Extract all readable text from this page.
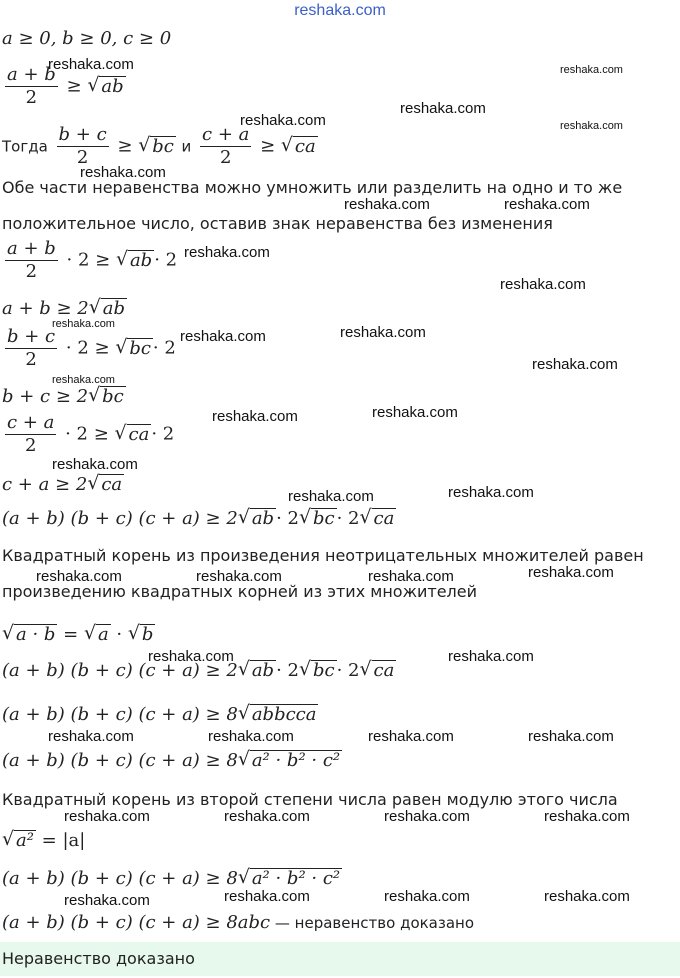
reshaka.com
a ≥ 0, b ≥ 0, c ≥ 0
$\frac{a + b}{2}$ ≥ √ ab
Тогда $\frac{b + c}{2}$ ≥ √ bc и $\frac{c + a}{2}$ ≥ √ ca
Обе части неравенства можно умножить или разделить на одно и то же
положительное число, оставив знак неравенства без изменения
$\frac{a + b}{2} \cdot 2$ ≥ √ ab · 2
a + b ≥ 2 √ ab
$\frac{b + c}{2} \cdot 2$ ≥ √ bc · 2
b + c ≥ 2 √ bc
$\frac{c + a}{2} \cdot 2$ ≥ √ ca · 2
c + a ≥ 2 √ ca
(a + b) (b + c) (c + a) ≥ 2 √ ab · 2 √ bc · 2 √ ca
Квадратный корень из произведения неотрицательных множителей равен
произведению квадратных корней из этих множителей
√ a · b = √ a · √ b
(a + b) (b + c) (c + a) ≥ 2 √ ab · 2 √ bc · 2 √ ca
(a + b) (b + c) (c + a) ≥ 8 √ abbcca
(a + b) (b + c) (c + a) ≥ 8 √ a² · b² · c²
Квадратный корень из второй степени числа равен модулю этого числа
√ a² = |a|
(a + b) (b + c) (c + a) ≥ 8 √ a² · b² · c²
(a + b) (b + c) (c + a) ≥ 8abc — неравенство доказано
Неравенство доказано
reshaka.com	reshaka.com
reshaka.com
reshaka.com	reshaka.com
reshaka.com
reshaka.com	reshaka.com
reshaka.com
reshaka.com
reshaka.com
reshaka.com	reshaka.com
reshaka.com
reshaka.com
reshaka.com	reshaka.com
reshaka.com
reshaka.com	reshaka.com
reshaka.com	reshaka.com	reshaka.com	reshaka.com
reshaka.com	reshaka.com
reshaka.com	reshaka.com	reshaka.com	reshaka.com
reshaka.com	reshaka.com	reshaka.com	reshaka.com
reshaka.com	reshaka.com	reshaka.com	reshaka.com
